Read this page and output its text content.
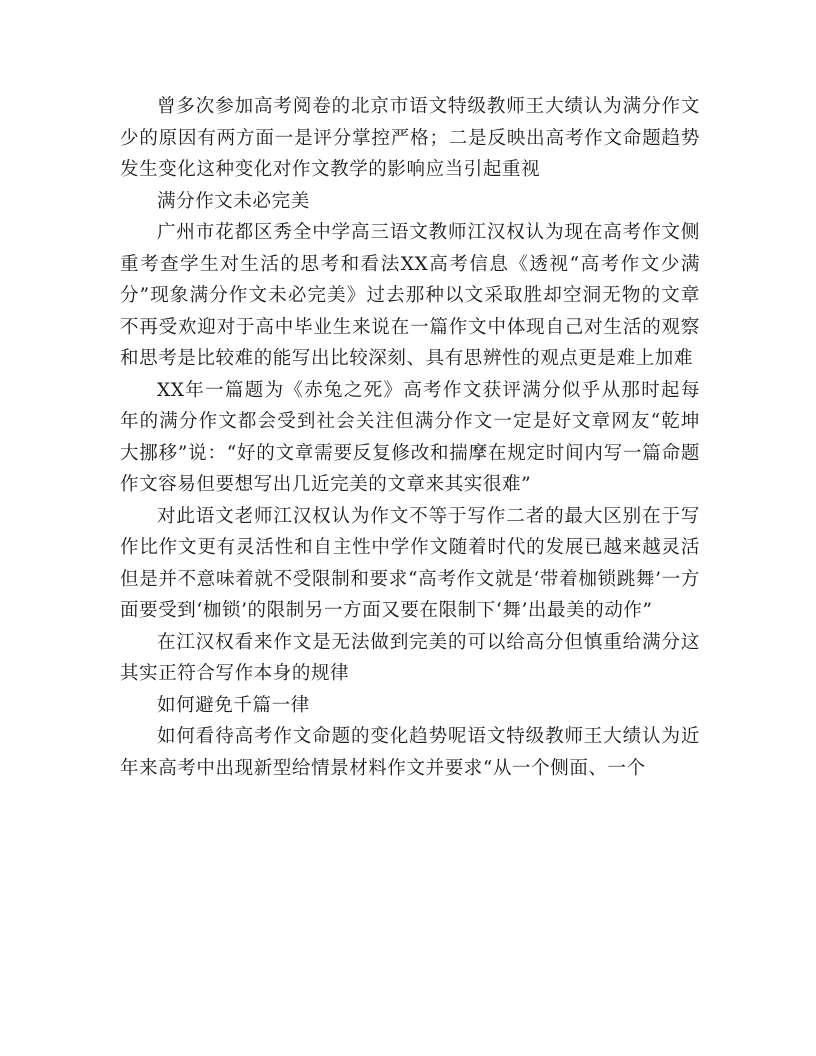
曾多次参加高考阅卷的北京市语文特级教师王大绩认为满分作文少的原因有两方面一是评分掌控严格；二是反映出高考作文命题趋势发生变化这种变化对作文教学的影响应当引起重视

满分作文未必完美

广州市花都区秀全中学高三语文教师江汉权认为现在高考作文侧重考查学生对生活的思考和看法XX高考信息《透视“高考作文少满分”现象满分作文未必完美》过去那种以文采取胜却空洞无物的文章不再受欢迎对于高中毕业生来说在一篇作文中体现自己对生活的观察和思考是比较难的能写出比较深刻、具有思辨性的观点更是难上加难

XX年一篇题为《赤兔之死》高考作文获评满分似乎从那时起每年的满分作文都会受到社会关注但满分作文一定是好文章网友“乾坤大挪移”说：“好的文章需要反复修改和揣摩在规定时间内写一篇命题作文容易但要想写出几近完美的文章来其实很难”

对此语文老师江汉权认为作文不等于写作二者的最大区别在于写作比作文更有灵活性和自主性中学作文随着时代的发展已越来越灵活但是并不意味着就不受限制和要求“高考作文就是‘带着枷锁跳舞’一方面要受到‘枷锁’的限制另一方面又要在限制下‘舞’出最美的动作”

在江汉权看来作文是无法做到完美的可以给高分但慎重给满分这其实正符合写作本身的规律

如何避免千篇一律

如何看待高考作文命题的变化趋势呢语文特级教师王大绩认为近年来高考中出现新型给情景材料作文并要求“从一个侧面、一个
